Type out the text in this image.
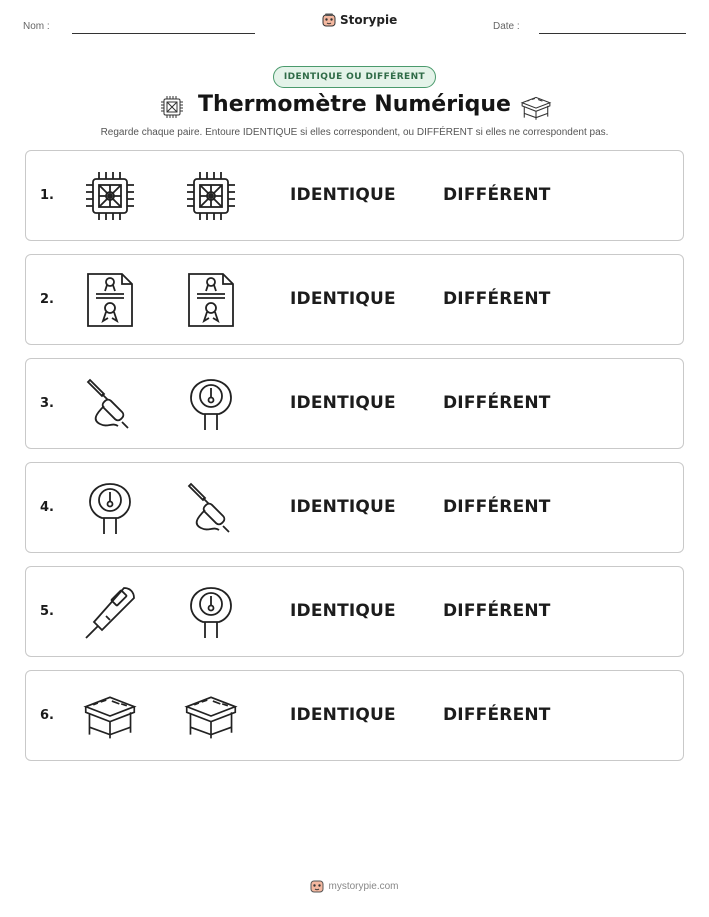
Nom :	Storypie	Date :
IDENTIQUE OU DIFFÉRENT
Thermomètre Numérique
Regarde chaque paire. Entoure IDENTIQUE si elles correspondent, ou DIFFÉRENT si elles ne correspondent pas.
1.	IDENTIQUE	DIFFÉRENT
2.	IDENTIQUE	DIFFÉRENT
3.	IDENTIQUE	DIFFÉRENT
4.	IDENTIQUE	DIFFÉRENT
5.	IDENTIQUE	DIFFÉRENT
6.	IDENTIQUE	DIFFÉRENT
mystorypie.com
